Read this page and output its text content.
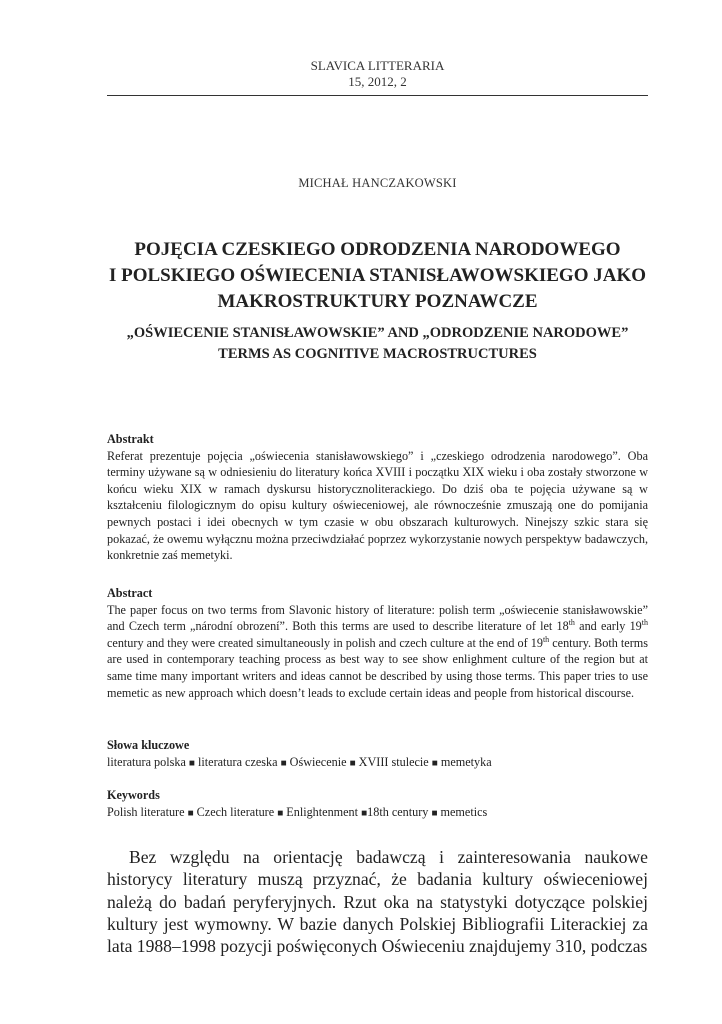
SLAVICA LITTERARIA
15, 2012, 2
MICHAŁ HANCZAKOWSKI
POJĘCIA CZESKIEGO ODRODZENIA NARODOWEGO
I POLSKIEGO OŚWIECENIA STANISŁAWOWSKIEGO JAKO
MAKROSTRUKTURY POZNAWCZE
„OŚWIECENIE STANISŁAWOWSKIE” AND „ODRODZENIE NARODOWE”
TERMS AS COGNITIVE MACROSTRUCTURES
Abstrakt

Referat prezentuje pojęcia „oświecenia stanisławowskiego” i „czeskiego odrodzenia narodowego”. Oba terminy używane są w odniesieniu do literatury końca XVIII i początku XIX wieku i oba zostały stworzone w końcu wieku XIX w ramach dyskursu historycznoliterackiego. Do dziś oba te pojęcia używane są w kształceniu filologicznym do opisu kultury oświeceniowej, ale równocześnie zmuszają one do pomijania pewnych postaci i idei obecnych w tym czasie w obu obszarach kulturowych. Ninejszy szkic stara się pokazać, że owemu wyłącznu można przeciwdziałać poprzez wykorzystanie nowych perspektyw badawczych, konkretnie zaś memetyki.

Abstract

The paper focus on two terms from Slavonic history of literature: polish term „oświecenie stanisławowskie” and Czech term „národní obrození”. Both this terms are used to describe literature of let 18th and early 19th century and they were created simultaneously in polish and czech culture at the end of 19th century. Both terms are used in contemporary teaching process as best way to see show enlighment culture of the region but at same time many important writers and ideas cannot be described by using those terms. This paper tries to use memetic as new approach which doesn’t leads to exclude certain ideas and people from historical discourse.

Słowa kluczowe
literatura polska ■ literatura czeska ■ Oświecenie ■ XVIII stulecie ■ memetyka
Keywords
Polish literature ■ Czech literature ■ Enlightenment ■18th century ■ memetics
Bez względu na orientację badawczą i zainteresowania naukowe historycy literatury muszą przyznać, że badania kultury oświeceniowej należą do badań peryferyjnych. Rzut oka na statystyki dotyczące polskiej kultury jest wymowny. W bazie danych Polskiej Bibliografii Literackiej za lata 1988–1998 pozycji poświęconych Oświeceniu znajdujemy 310, podczas
